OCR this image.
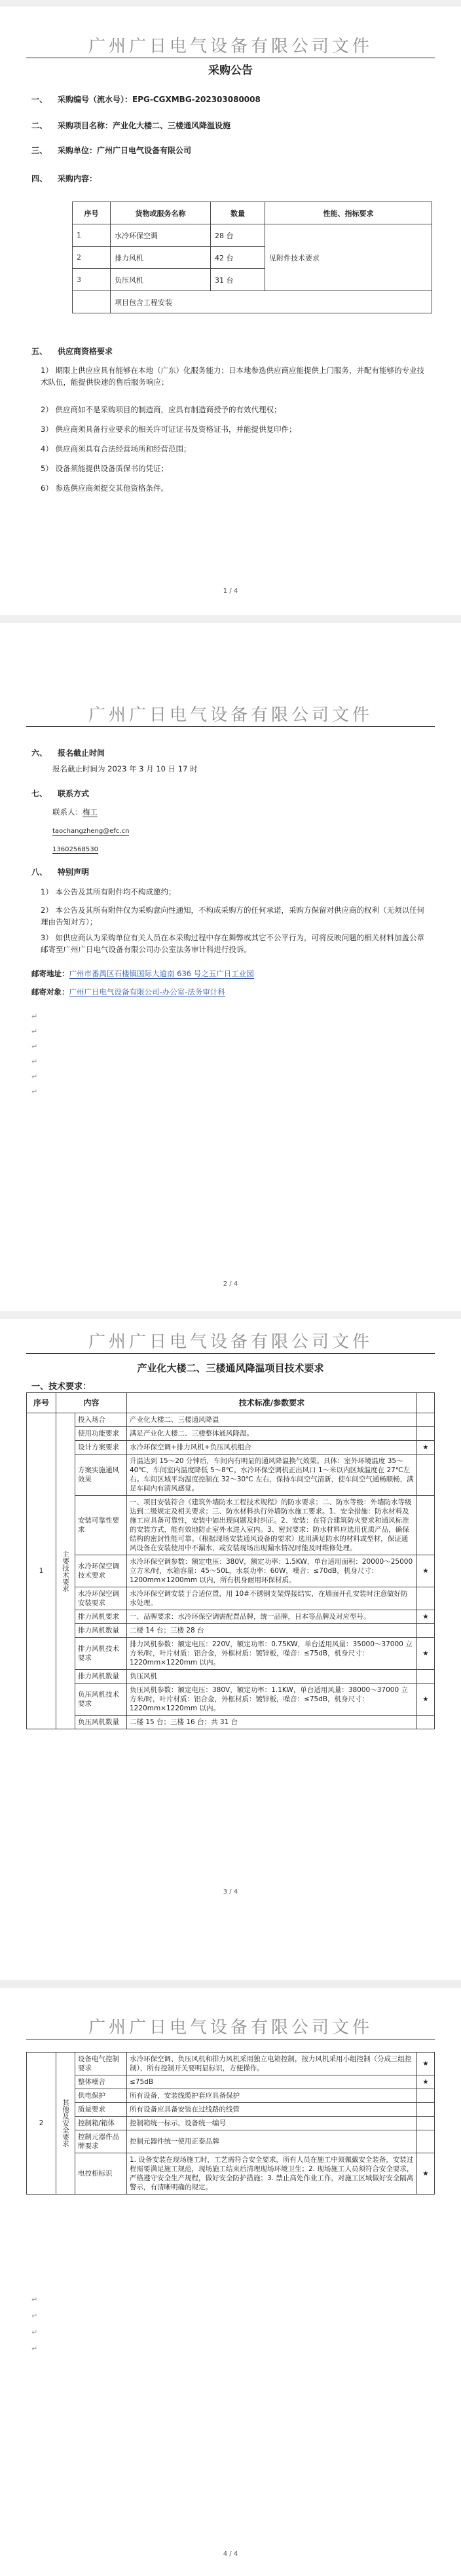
广州广日电气设备有限公司文件
采购公告
一、 采购编号（流水号）：EPG-CGXMBG-202303080008
二、 采购项目名称：产业化大楼二、三楼通风降温设施
三、 采购单位：广州广日电气设备有限公司
四、 采购内容：
序号	货物或服务名称	数量	性能、指标要求
1	水冷环保空调	28 台	见附件技术要求
2	排力风机	42 台	
3	负压风机	31 台	
	项目包含工程安装		
五、 供应商资格要求
1） 期限上供应应具有能够在本地（广东）化服务能力；日本地参选供应商应能提供上门服务，并配有能够的专业技术队伍，能提供快速的售后服务响应；
2） 供应商如不是采购项目的制造商，应具有制造商授予的有效代理权；
3） 供应商须具备行业要求的相关许可证证书及资格证书，并能提供复印件；
4） 供应商须具有合法经营场所和经营范围；
5） 设备须能提供设备质保书的凭证；
6） 参选供应商须提交其他资格条件。
1 / 4
广州广日电气设备有限公司文件
六、 报名截止时间
报名截止时间为 2023 年 3 月 10 日 17 时
七、 联系方式
联系人：梅工
taochangzheng@efc.cn
13602568530
八、 特别声明
1） 本公告及其所有附件均不构成邀约；
2） 本公告及其所有附件仅为采购意向性通知，不构成采购方的任何承诺，采购方保留对供应商的权利（无须以任何理由告知对方）；
3） 如供应商认为采购单位有关人员在本采购过程中存在舞弊或其它不公平行为，可将反映问题的相关材料加盖公章邮寄至广州广日电气设备有限公司办公室法务审计科进行投诉。
邮寄地址：广州市番禺区石楼镇国际大道南 636 号之五广日工业园
邮寄对象：广州广日电气设备有限公司-办公室-法务审计科
↵
↵
↵
↵
↵
↵
2 / 4
广州广日电气设备有限公司文件
产业化大楼二、三楼通风降温项目技术要求
一、技术要求：
序号	内容		技术标准/参数要求	
1	主要技术要求	投入场合	产业化大楼二、三楼通风降温	
		使用功能要求	满足产业化大楼二、三楼整体通风降温。	
		设计方案要求	水冷环保空调+排力风机+负压风机组合	★
		方案实施通风效果	升温达到 15～20 分钟后，车间内有明显的通风降温换气效果。具体：室外环境温度 35～40℃，车间室内温度降低 5～8℃。水冷环保空调机正出风口 1～米以内区域温度在 27℃左右。车间区域平均温度控制在 32～30℃ 左右，保持车间空气清新，使车间空气通畅顺畅，满足车间内有清风感觉。	
		安装可靠性要求	一、项目安装符合《建筑外墙防水工程技术规程》的防水要求；二、防水等级：外墙防水等级达到二级规定及相关要求；三、防水材料执行外墙防水施工要求。1、安全措施：防水材料及施工应具备可靠性，安装中如出现问题及时纠正。2、安装：在符合建筑防火要求和通风标准的安装方式，能有效地防止室外水进入室内。3、密封要求：防水材料应选用优质产品，确保结构的密封性能可靠。（根据现场安装通风设备的要求）选用满足防水的材料或型材，保证通风设备在安装使用中不漏水，或安装现场出现漏水情况时能及时维修处理。	
		水冷环保空调技术要求	水冷环保空调参数：额定电压：380V，额定功率：1.5KW，单台适用面积：20000～25000 立方米/时，水箱容量：45～50L，水泵功率：60W，噪音：≤70dB，机身尺寸：1200mm×1200mm 以内，所有机身耐用环保材质。	★
		水冷环保空调安装要求	水冷环保空调安装于合适位置，用 10#不锈钢支架焊接结实，在墙面开孔安装时注意做好防水处理。	
		排力风机要求	一、品牌要求：水冷环保空调需配置品牌，统一品牌，日本等品牌及对应型号。	★
		排力风机数量	二楼 14 台；三楼 28 台	
		排力风机技术要求	排力风机参数：额定电压：220V，额定功率：0.75KW，单台适用风量：35000～37000 立方米/时，叶片材质：铝合金，外框材质：镀锌板，噪音：≤75dB，机身尺寸：1220mm×1220mm 以内。	★
		排力风机数量	负压风机	
		负压风机技术要求	负压风机参数：额定电压：380V，额定功率：1.1KW，单台适用风量：38000～37000 立方米/时，叶片材质：铝合金，外框材质：镀锌板，噪音：≤75dB，机身尺寸：1220mm×1220mm 以内。	★
		负压风机数量	二楼 15 台；三楼 16 台；共 31 台	
3 / 4
广州广日电气设备有限公司文件
2	其他及安全要求	设备电气控制要求	水冷环保空调、负压风机和排力风机采用独立电箱控制，按力风机采用小组控制（分成三组控制），所有控制开关要明显标识，方便操作。	★
		整体噪音	≤75dB	★
		供电保护	所有设备，安装线缆护套应具备保护	
		质量要求	所有设备应具备安装在过线路的线管	
		控制箱/箱体	控制箱统一标示，设备统一编号	
		控制元器件品牌要求	控制元器件统一使用正泰品牌	
		电控柜标识	1. 设备安装在现场施工时，工艺需符合安全要求，所有人员在施工中须佩戴安全装备，安装过程需要满足施工规范，现场施工结束后清理现场环境卫生；2. 现场施工人员须符合安全要求，严格遵守安全生产规程，做好安全防护措施；3. 禁止高处作业工作，对施工区域做好安全隔离警示，有清晰明确的规定。	★
↵
↵
↵
↵
4 / 4
